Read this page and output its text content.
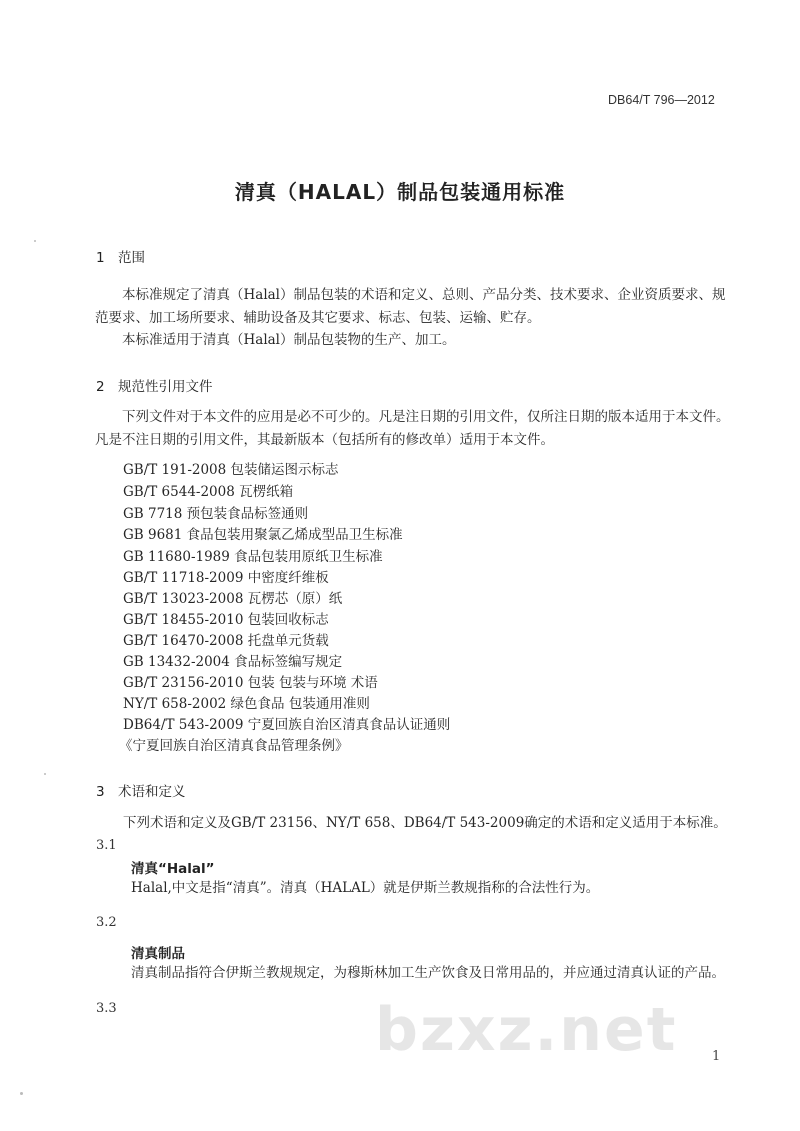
DB64/T 796—2012
清真（HALAL）制品包装通用标准
1 范围
本标准规定了清真（Halal）制品包装的术语和定义、总则、产品分类、技术要求、企业资质要求、规范要求、加工场所要求、辅助设备及其它要求、标志、包装、运输、贮存。
本标准适用于清真（Halal）制品包装物的生产、加工。
2 规范性引用文件
下列文件对于本文件的应用是必不可少的。凡是注日期的引用文件，仅所注日期的版本适用于本文件。凡是不注日期的引用文件，其最新版本（包括所有的修改单）适用于本文件。
GB/T 191-2008 包装储运图示标志
GB/T 6544-2008 瓦楞纸箱
GB 7718 预包装食品标签通则
GB 9681 食品包装用聚氯乙烯成型品卫生标准
GB 11680-1989 食品包装用原纸卫生标准
GB/T 11718-2009 中密度纤维板
GB/T 13023-2008 瓦楞芯（原）纸
GB/T 18455-2010 包装回收标志
GB/T 16470-2008 托盘单元货载
GB 13432-2004 食品标签编写规定
GB/T 23156-2010 包装 包装与环境 术语
NY/T 658-2002 绿色食品 包装通用准则
DB64/T 543-2009 宁夏回族自治区清真食品认证通则
《宁夏回族自治区清真食品管理条例》
3 术语和定义
下列术语和定义及GB/T 23156、NY/T 658、DB64/T 543-2009确定的术语和定义适用于本标准。
3.1
清真“Halal”
Halal,中文是指“清真”。清真（HALAL）就是伊斯兰教规指称的合法性行为。
3.2
清真制品
清真制品指符合伊斯兰教规规定，为穆斯林加工生产饮食及日常用品的，并应通过清真认证的产品。
3.3	bzxz.net	1
